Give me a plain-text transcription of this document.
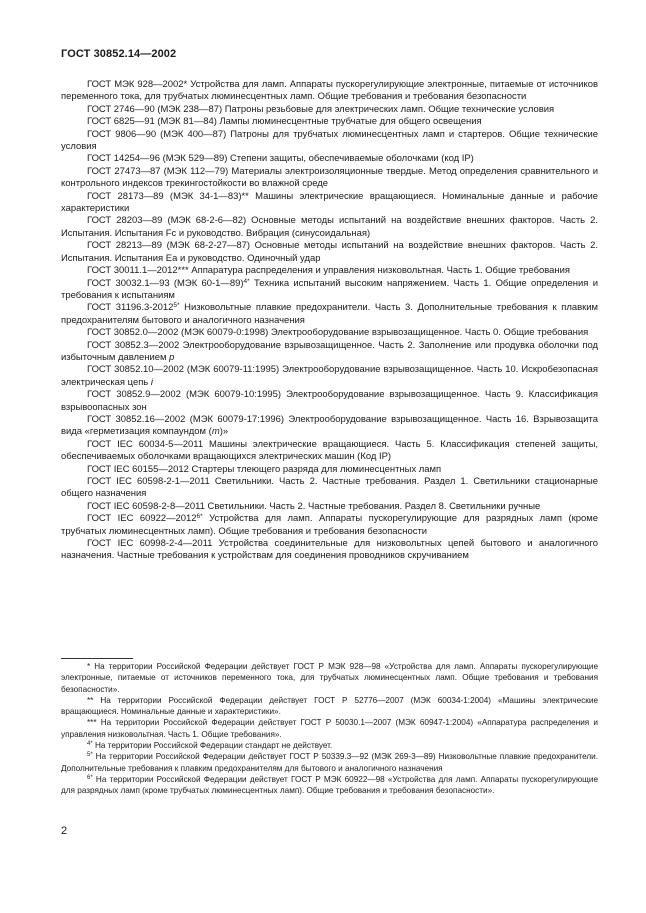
ГОСТ 30852.14—2002

ГОСТ МЭК 928—2002* Устройства для ламп. Аппараты пускорегулирующие электронные, питаемые от источников переменного тока, для трубчатых люминесцентных ламп. Общие требования и требования безопасности

ГОСТ 2746—90 (МЭК 238—87) Патроны резьбовые для электрических ламп. Общие технические условия

ГОСТ 6825—91 (МЭК 81—84) Лампы люминесцентные трубчатые для общего освещения

ГОСТ 9806—90 (МЭК 400—87) Патроны для трубчатых люминесцентных ламп и стартеров. Общие технические условия

ГОСТ 14254—96 (МЭК 529—89) Степени защиты, обеспечиваемые оболочками (код IP)

ГОСТ 27473—87 (МЭК 112—79) Материалы электроизоляционные твердые. Метод определения сравнительного и контрольного индексов трекингостойкости во влажной среде

ГОСТ 28173—89 (МЭК 34-1—83)** Машины электрические вращающиеся. Номинальные данные и рабочие характеристики

ГОСТ 28203—89 (МЭК 68-2-6—82) Основные методы испытаний на воздействие внешних факторов. Часть 2. Испытания. Испытания Fc и руководство. Вибрация (синусоидальная)

ГОСТ 28213—89 (МЭК 68-2-27—87) Основные методы испытаний на воздействие внешних факторов. Часть 2. Испытания. Испытания Ea и руководство. Одиночный удар

ГОСТ 30011.1—2012*** Аппаратура распределения и управления низковольтная. Часть 1. Общие требования

ГОСТ 30032.1—93 (МЭК 60-1—89)$^{4*}$ Техника испытаний высоким напряжением. Часть 1. Общие определения и требования к испытаниям

ГОСТ $31196.3-2012^{5*}$ Низковольтные плавкие предохранители. Часть 3. Дополнительные требования к плавким предохранителям бытового и аналогичного назначения

ГОСТ 30852.0—2002 (МЭК 60079-0:1998) Электрооборудование взрывозащищенное. Часть 0. Общие требования

ГОСТ 30852.3—2002 Электрооборудование взрывозащищенное. Часть 2. Заполнение или продувка оболочки под избыточным давлением p

ГОСТ 30852.10—2002 (МЭК 60079-11:1995) Электрооборудование взрывозащищенное. Часть 10. Искробезопасная электрическая цепь i

ГОСТ 30852.9—2002 (МЭК 60079-10:1995) Электрооборудование взрывозащищенное. Часть 9. Классификация взрывоопасных зон

ГОСТ 30852.16—2002 (МЭК 60079-17:1996) Электрооборудование взрывозащищенное. Часть 16. Взрывозащита вида «герметизация компаундом (m)»

ГОСТ IEC 60034-5—2011 Машины электрические вращающиеся. Часть 5. Классификация степеней защиты, обеспечиваемых оболочками вращающихся электрических машин (Код IP)

ГОСТ IEC 60155—2012 Стартеры тлеющего разряда для люминесцентных ламп

ГОСТ IEC 60598-2-1—2011 Светильники. Часть 2. Частные требования. Раздел 1. Светильники стационарные общего назначения

ГОСТ IEC 60598-2-8—2011 Светильники. Часть 2. Частные требования. Раздел 8. Светильники ручные

ГОСТ IEC $60922—2012^{6*}$ Устройства для ламп. Аппараты пускорегулирующие для разрядных ламп (кроме трубчатых люминесцентных ламп). Общие требования и требования безопасности

ГОСТ IEC 60998-2-4—2011 Устройства соединительные для низковольтных цепей бытового и аналогичного назначения. Частные требования к устройствам для соединения проводников скручиванием

* На территории Российской Федерации действует ГОСТ Р МЭК 928—98 «Устройства для ламп. Аппараты пускорегулирующие электронные, питаемые от источников переменного тока, для трубчатых люминесцентных ламп. Общие требования и требования безопасности».

** На территории Российской Федерации действует ГОСТ Р 52776—2007 (МЭК 60034-1:2004) «Машины электрические вращающиеся. Номинальные данные и характеристики».

*** На территории Российской Федерации действует ГОСТ Р 50030.1—2007 (МЭК 60947-1:2004) «Аппаратура распределения и управления низковольтная. Часть 1. Общие требования».

$^{4*}$ На территории Российской Федерации стандарт не действует.

$^{5*}$ На территории Российской Федерации действует ГОСТ Р 50339.3—92 (МЭК 269-3—89) Низковольтные плавкие предохранители. Дополнительные требования к плавким предохранителям для бытового и аналогичного назначения

$^{6*}$ На территории Российской Федерации действует ГОСТ Р МЭК 60922—98 «Устройства для ламп. Аппараты пускорегулирующие для разрядных ламп (кроме трубчатых люминесцентных ламп). Общие требования и требования безопасности».

2
